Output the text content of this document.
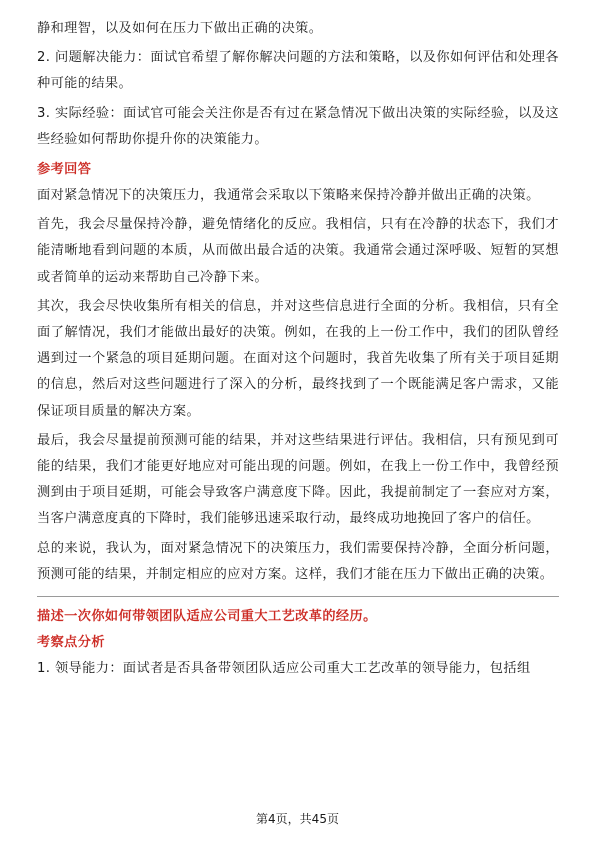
静和理智，以及如何在压力下做出正确的决策。

2. 问题解决能力：面试官希望了解你解决问题的方法和策略，以及你如何评估和处理各种可能的结果。

3. 实际经验：面试官可能会关注你是否有过在紧急情况下做出决策的实际经验，以及这些经验如何帮助你提升你的决策能力。

参考回答

面对紧急情况下的决策压力，我通常会采取以下策略来保持冷静并做出正确的决策。

首先，我会尽量保持冷静，避免情绪化的反应。我相信，只有在冷静的状态下，我们才能清晰地看到问题的本质，从而做出最合适的决策。我通常会通过深呼吸、短暂的冥想或者简单的运动来帮助自己冷静下来。

其次，我会尽快收集所有相关的信息，并对这些信息进行全面的分析。我相信，只有全面了解情况，我们才能做出最好的决策。例如，在我的上一份工作中，我们的团队曾经遇到过一个紧急的项目延期问题。在面对这个问题时，我首先收集了所有关于项目延期的信息，然后对这些问题进行了深入的分析，最终找到了一个既能满足客户需求，又能保证项目质量的解决方案。

最后，我会尽量提前预测可能的结果，并对这些结果进行评估。我相信，只有预见到可能的结果，我们才能更好地应对可能出现的问题。例如，在我上一份工作中，我曾经预测到由于项目延期，可能会导致客户满意度下降。因此，我提前制定了一套应对方案，当客户满意度真的下降时，我们能够迅速采取行动，最终成功地挽回了客户的信任。

总的来说，我认为，面对紧急情况下的决策压力，我们需要保持冷静，全面分析问题，预测可能的结果，并制定相应的应对方案。这样，我们才能在压力下做出正确的决策。

描述一次你如何带领团队适应公司重大工艺改革的经历。

考察点分析

1. 领导能力：面试者是否具备带领团队适应公司重大工艺改革的领导能力，包括组

第4页，共45页
